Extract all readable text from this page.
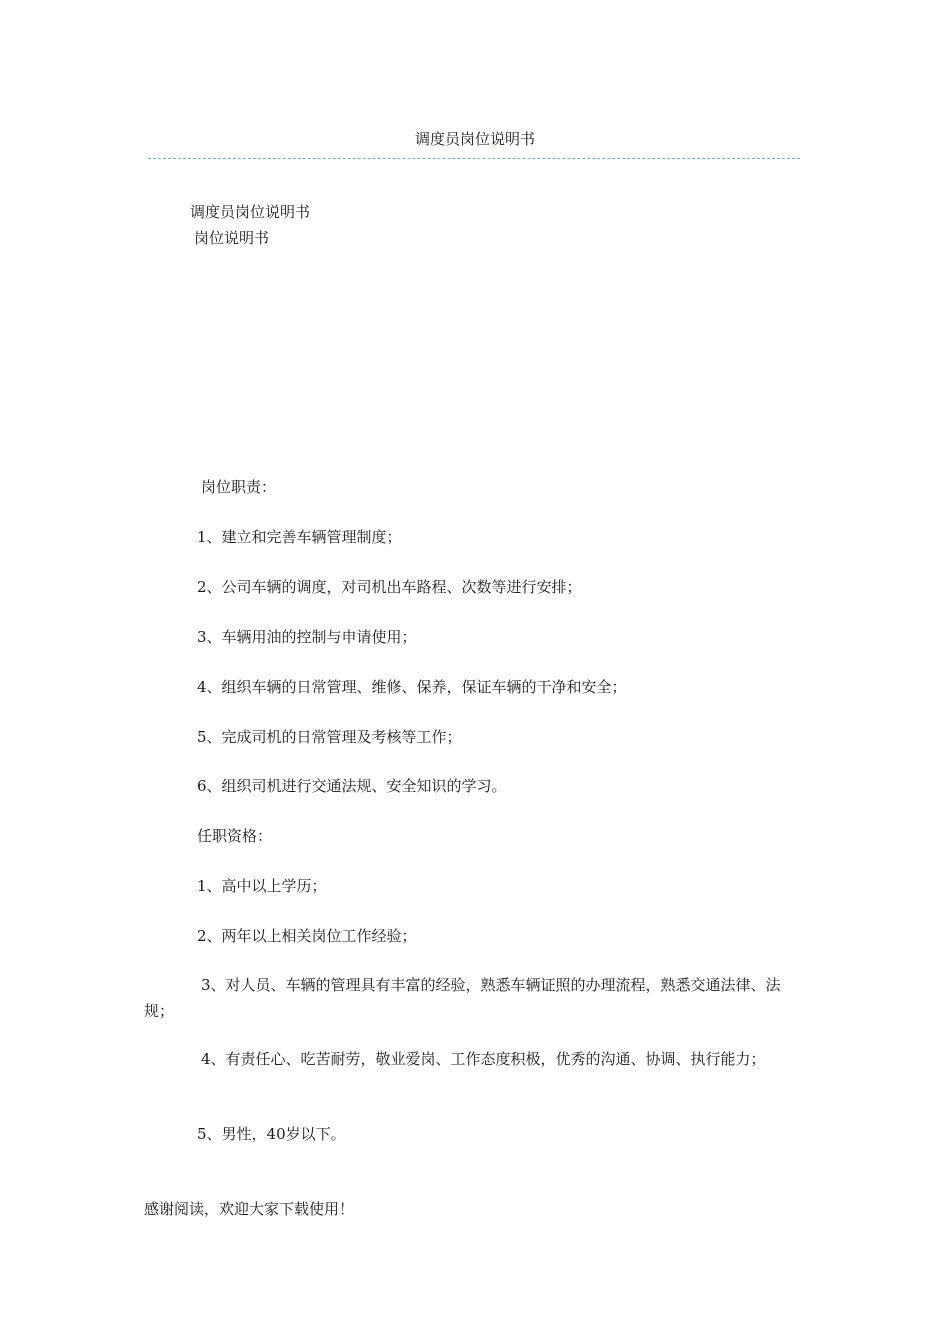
调度员岗位说明书
调度员岗位说明书
岗位说明书
岗位职责：
1、建立和完善车辆管理制度；
2、公司车辆的调度，对司机出车路程、次数等进行安排；
3、车辆用油的控制与申请使用；
4、组织车辆的日常管理、维修、保养，保证车辆的干净和安全；
5、完成司机的日常管理及考核等工作；
6、组织司机进行交通法规、安全知识的学习。
任职资格：
1、高中以上学历；
2、两年以上相关岗位工作经验；
3、对人员、车辆的管理具有丰富的经验，熟悉车辆证照的办理流程，熟悉交通法律、法规；
4、有责任心、吃苦耐劳，敬业爱岗、工作态度积极，优秀的沟通、协调、执行能力；
5、男性，40岁以下。
感谢阅读，欢迎大家下载使用！
